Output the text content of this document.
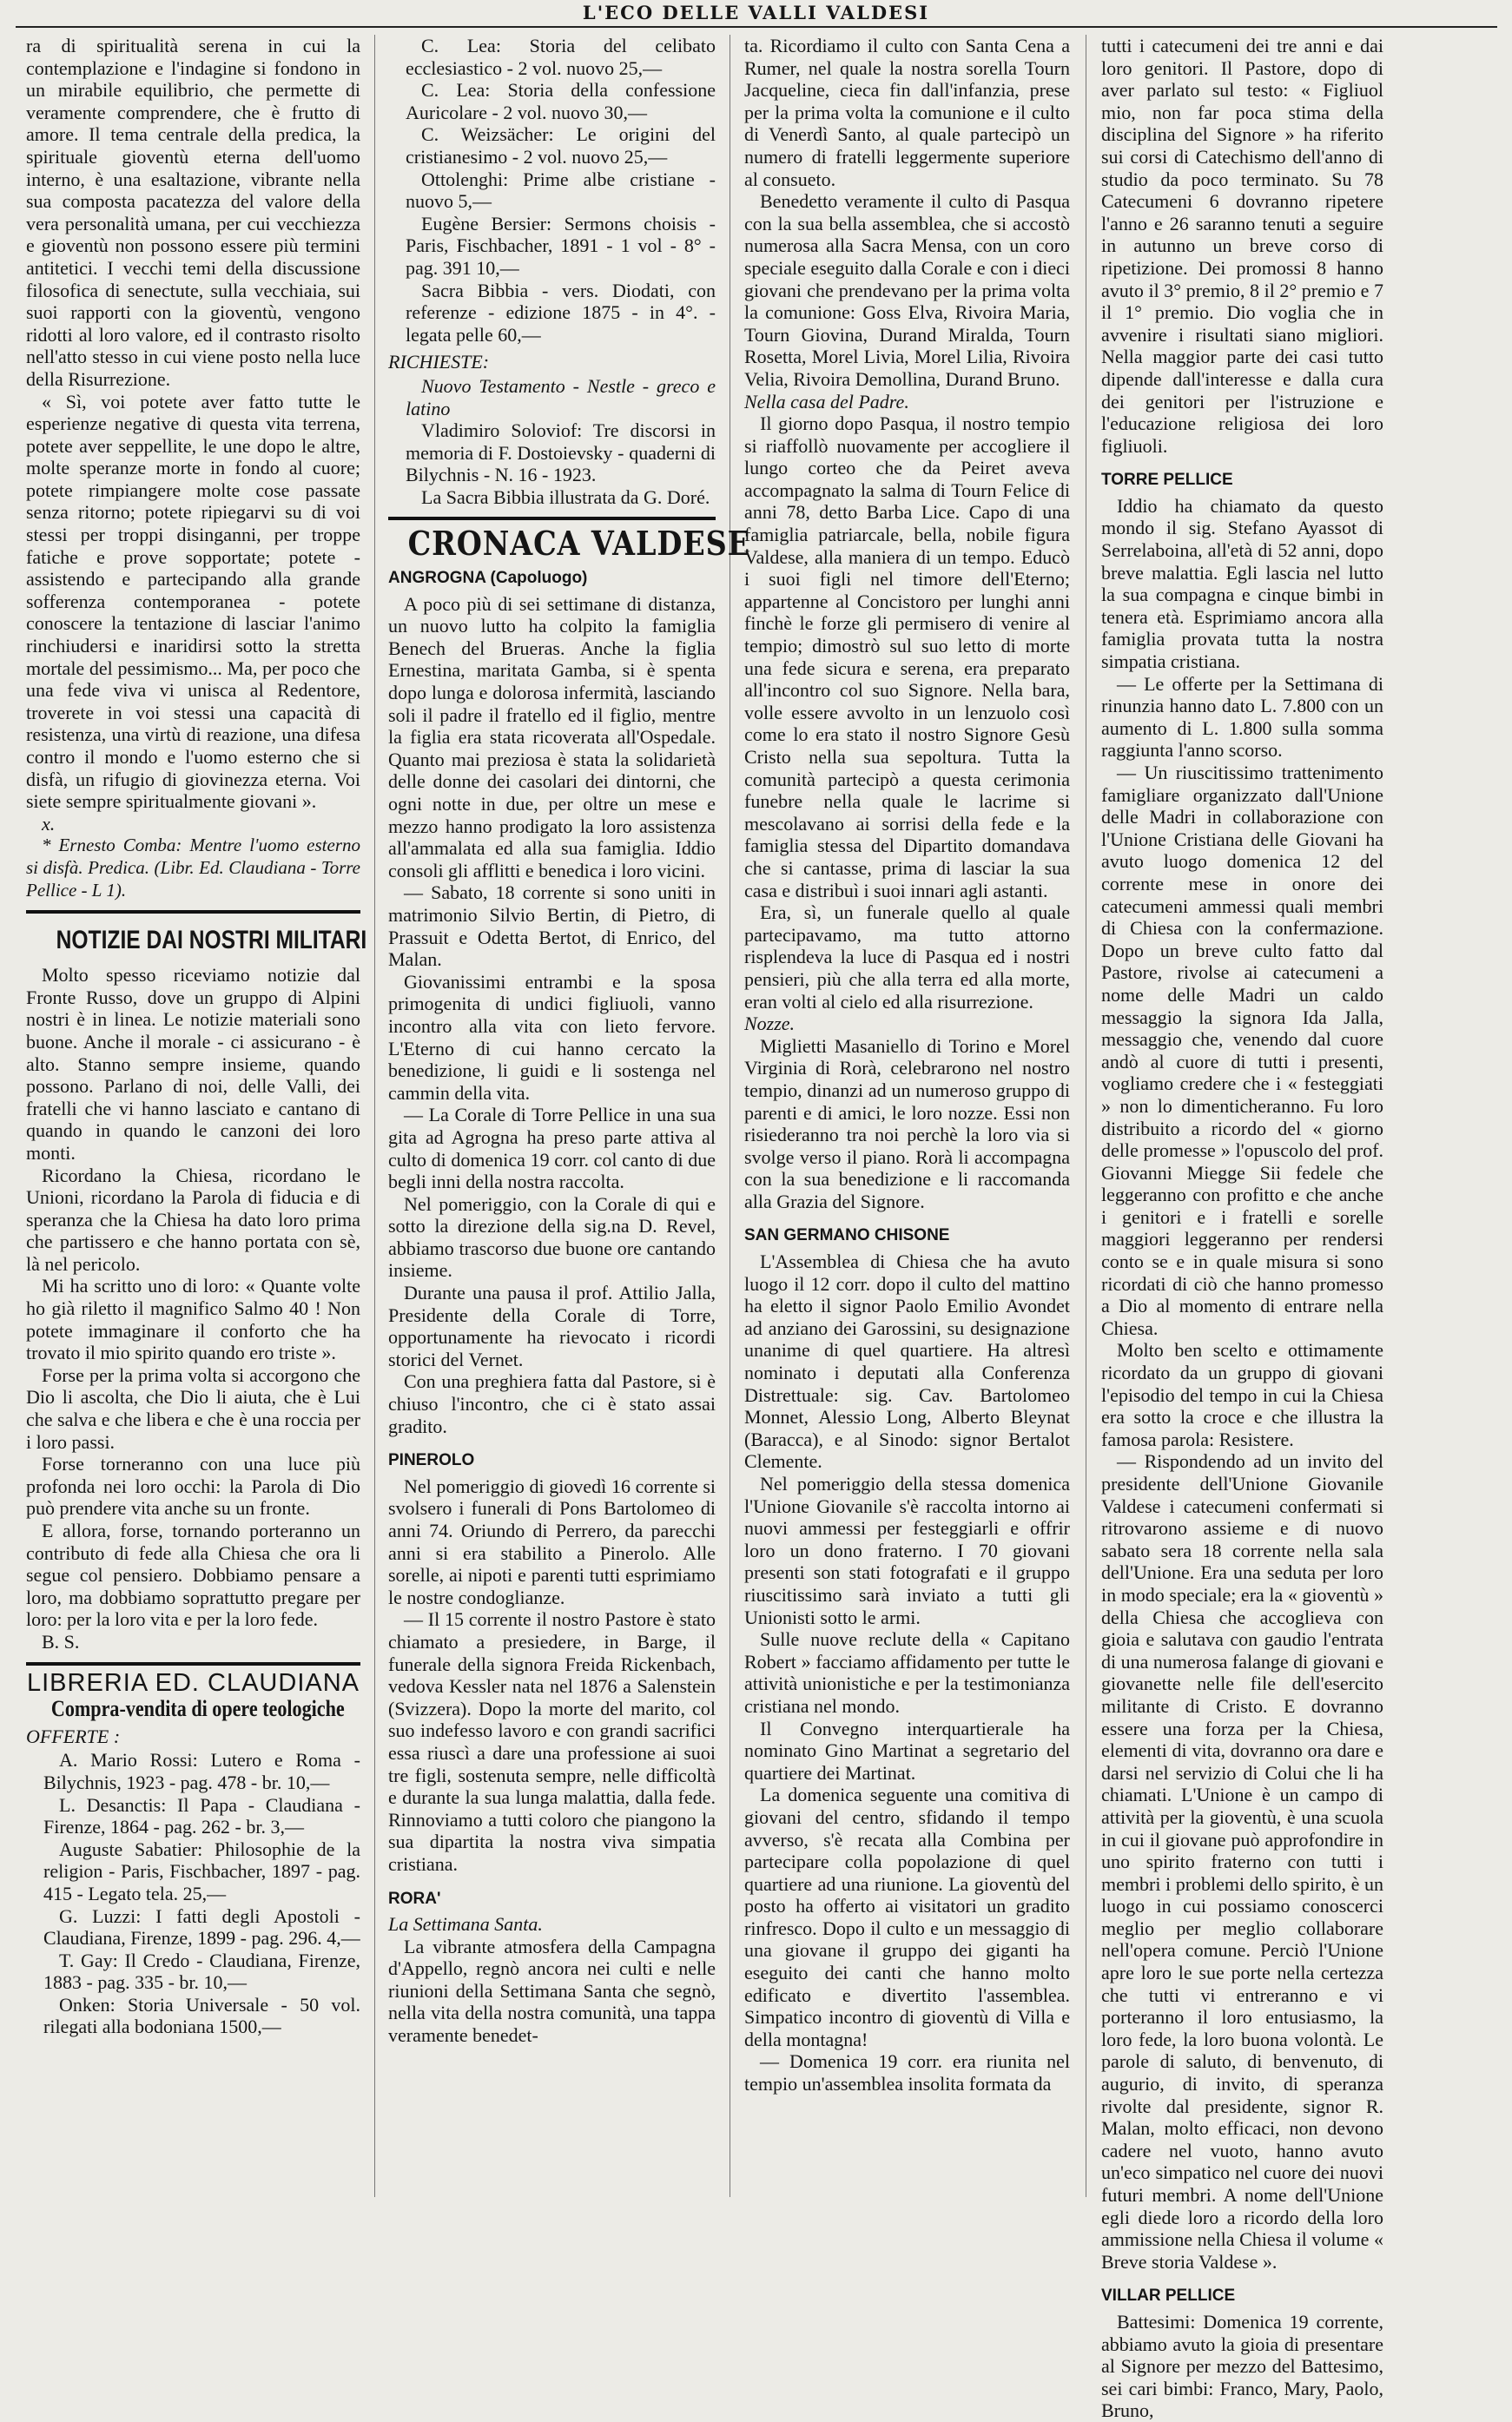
L'ECO DELLE VALLI VALDESI

ra di spiritualità serena in cui la contemplazione e l'indagine si fondono in un mirabile equilibrio, che permette di veramente comprendere, che è frutto di amore. Il tema centrale della predica, la spirituale gioventù eterna dell'uomo interno, è una esaltazione, vibrante nella sua composta pacatezza del valore della vera personalità umana, per cui vecchiezza e gioventù non possono essere più termini antitetici. I vecchi temi della discussione filosofica di senectute, sulla vecchiaia, sui suoi rapporti con la gioventù, vengono ridotti al loro valore, ed il contrasto risolto nell'atto stesso in cui viene posto nella luce della Risurrezione.

« Sì, voi potete aver fatto tutte le esperienze negative di questa vita terrena, potete aver seppellite, le une dopo le altre, molte speranze morte in fondo al cuore; potete rimpiangere molte cose passate senza ritorno; potete ripiegarvi su di voi stessi per troppi disinganni, per troppe fatiche e prove sopportate; potete - assistendo e partecipando alla grande sofferenza contemporanea - potete conoscere la tentazione di lasciar l'animo rinchiudersi e inaridirsi sotto la stretta mortale del pessimismo... Ma, per poco che una fede viva vi unisca al Redentore, troverete in voi stessi una capacità di resistenza, una virtù di reazione, una difesa contro il mondo e l'uomo esterno che si disfà, un rifugio di giovinezza eterna. Voi siete sempre spiritualmente giovani ».

x.

* Ernesto Comba: Mentre l'uomo esterno si disfà. Predica. (Libr. Ed. Claudiana - Torre Pellice - L 1).

NOTIZIE DAI NOSTRI MILITARI

Molto spesso riceviamo notizie dal Fronte Russo, dove un gruppo di Alpini nostri è in linea. Le notizie materiali sono buone. Anche il morale - ci assicurano - è alto. Stanno sempre insieme, quando possono. Parlano di noi, delle Valli, dei fratelli che vi hanno lasciato e cantano di quando in quando le canzoni dei loro monti.

Ricordano la Chiesa, ricordano le Unioni, ricordano la Parola di fiducia e di speranza che la Chiesa ha dato loro prima che partissero e che hanno portata con sè, là nel pericolo.

Mi ha scritto uno di loro: « Quante volte ho già riletto il magnifico Salmo 40 ! Non potete immaginare il conforto che ha trovato il mio spirito quando ero triste ».

Forse per la prima volta si accorgono che Dio li ascolta, che Dio li aiuta, che è Lui che salva e che libera e che è una roccia per i loro passi.

Forse torneranno con una luce più profonda nei loro occhi: la Parola di Dio può prendere vita anche su un fronte.

E allora, forse, tornando porteranno un contributo di fede alla Chiesa che ora li segue col pensiero. Dobbiamo pensare a loro, ma dobbiamo soprattutto pregare per loro: per la loro vita e per la loro fede.

B. S.

LIBRERIA ED. CLAUDIANA
Compra-vendita di opere teologiche
OFFERTE :

A. Mario Rossi: Lutero e Roma - Bilychnis, 1923 - pag. 478 - br. 10,—

L. Desanctis: Il Papa - Claudiana - Firenze, 1864 - pag. 262 - br. 3,—

Auguste Sabatier: Philosophie de la religion - Paris, Fischbacher, 1897 - pag. 415 - Legato tela. 25,—

G. Luzzi: I fatti degli Apostoli - Claudiana, Firenze, 1899 - pag. 296. 4,—

T. Gay: Il Credo - Claudiana, Firenze, 1883 - pag. 335 - br. 10,—

Onken: Storia Universale - 50 vol. rilegati alla bodoniana 1500,—

C. Lea: Storia del celibato ecclesiastico - 2 vol. nuovo 25,—

C. Lea: Storia della confessione Auricolare - 2 vol. nuovo 30,—

C. Weizsächer: Le origini del cristianesimo - 2 vol. nuovo 25,—

Ottolenghi: Prime albe cristiane - nuovo 5,—

Eugène Bersier: Sermons choisis - Paris, Fischbacher, 1891 - 1 vol - 8° - pag. 391 10,—

Sacra Bibbia - vers. Diodati, con referenze - edizione 1875 - in 4°. - legata pelle 60,—

RICHIESTE:

Nuovo Testamento - Nestle - greco e latino

Vladimiro Soloviof: Tre discorsi in memoria di F. Dostoievsky - quaderni di Bilychnis - N. 16 - 1923.

La Sacra Bibbia illustrata da G. Doré.

CRONACA VALDESE
ANGROGNA (Capoluogo)

A poco più di sei settimane di distanza, un nuovo lutto ha colpito la famiglia Benech del Brueras. Anche la figlia Ernestina, maritata Gamba, si è spenta dopo lunga e dolorosa infermità, lasciando soli il padre il fratello ed il figlio, mentre la figlia era stata ricoverata all'Ospedale. Quanto mai preziosa è stata la solidarietà delle donne dei casolari dei dintorni, che ogni notte in due, per oltre un mese e mezzo hanno prodigato la loro assistenza all'ammalata ed alla sua famiglia. Iddio consoli gli afflitti e benedica i loro vicini.

— Sabato, 18 corrente si sono uniti in matrimonio Silvio Bertin, di Pietro, di Prassuit e Odetta Bertot, di Enrico, del Malan.

Giovanissimi entrambi e la sposa primogenita di undici figliuoli, vanno incontro alla vita con lieto fervore. L'Eterno di cui hanno cercato la benedizione, li guidi e li sostenga nel cammin della vita.

— La Corale di Torre Pellice in una sua gita ad Agrogna ha preso parte attiva al culto di domenica 19 corr. col canto di due begli inni della nostra raccolta.

Nel pomeriggio, con la Corale di qui e sotto la direzione della sig.na D. Revel, abbiamo trascorso due buone ore cantando insieme.

Durante una pausa il prof. Attilio Jalla, Presidente della Corale di Torre, opportunamente ha rievocato i ricordi storici del Vernet.

Con una preghiera fatta dal Pastore, si è chiuso l'incontro, che ci è stato assai gradito.

PINEROLO

Nel pomeriggio di giovedì 16 corrente si svolsero i funerali di Pons Bartolomeo di anni 74. Oriundo di Perrero, da parecchi anni si era stabilito a Pinerolo. Alle sorelle, ai nipoti e parenti tutti esprimiamo le nostre condoglianze.

— Il 15 corrente il nostro Pastore è stato chiamato a presiedere, in Barge, il funerale della signora Freida Rickenbach, vedova Kessler nata nel 1876 a Salenstein (Svizzera). Dopo la morte del marito, col suo indefesso lavoro e con grandi sacrifici essa riuscì a dare una professione ai suoi tre figli, sostenuta sempre, nelle difficoltà e durante la sua lunga malattia, dalla fede. Rinnoviamo a tutti coloro che piangono la sua dipartita la nostra viva simpatia cristiana.

RORA'

La Settimana Santa.

La vibrante atmosfera della Campagna d'Appello, regnò ancora nei culti e nelle riunioni della Settimana Santa che segnò, nella vita della nostra comunità, una tappa veramente benedet-

ta. Ricordiamo il culto con Santa Cena a Rumer, nel quale la nostra sorella Tourn Jacqueline, cieca fin dall'infanzia, prese per la prima volta la comunione e il culto di Venerdì Santo, al quale partecipò un numero di fratelli leggermente superiore al consueto.

Benedetto veramente il culto di Pasqua con la sua bella assemblea, che si accostò numerosa alla Sacra Mensa, con un coro speciale eseguito dalla Corale e con i dieci giovani che prendevano per la prima volta la comunione: Goss Elva, Rivoira Maria, Tourn Giovina, Durand Miralda, Tourn Rosetta, Morel Livia, Morel Lilia, Rivoira Velia, Rivoira Demollina, Durand Bruno.

Nella casa del Padre.

Il giorno dopo Pasqua, il nostro tempio si riaffollò nuovamente per accogliere il lungo corteo che da Peiret aveva accompagnato la salma di Tourn Felice di anni 78, detto Barba Lice. Capo di una famiglia patriarcale, bella, nobile figura Valdese, alla maniera di un tempo. Educò i suoi figli nel timore dell'Eterno; appartenne al Concistoro per lunghi anni finchè le forze gli permisero di venire al tempio; dimostrò sul suo letto di morte una fede sicura e serena, era preparato all'incontro col suo Signore. Nella bara, volle essere avvolto in un lenzuolo così come lo era stato il nostro Signore Gesù Cristo nella sua sepoltura. Tutta la comunità partecipò a questa cerimonia funebre nella quale le lacrime si mescolavano ai sorrisi della fede e la famiglia stessa del Dipartito domandava che si cantasse, prima di lasciar la sua casa e distribuì i suoi innari agli astanti.

Era, sì, un funerale quello al quale partecipavamo, ma tutto attorno risplendeva la luce di Pasqua ed i nostri pensieri, più che alla terra ed alla morte, eran volti al cielo ed alla risurrezione.

Nozze.

Miglietti Masaniello di Torino e Morel Virginia di Rorà, celebrarono nel nostro tempio, dinanzi ad un numeroso gruppo di parenti e di amici, le loro nozze. Essi non risiederanno tra noi perchè la loro via si svolge verso il piano. Rorà li accompagna con la sua benedizione e li raccomanda alla Grazia del Signore.

SAN GERMANO CHISONE

L'Assemblea di Chiesa che ha avuto luogo il 12 corr. dopo il culto del mattino ha eletto il signor Paolo Emilio Avondet ad anziano dei Garossini, su designazione unanime di quel quartiere. Ha altresì nominato i deputati alla Conferenza Distrettuale: sig. Cav. Bartolomeo Monnet, Alessio Long, Alberto Bleynat (Baracca), e al Sinodo: signor Bertalot Clemente.

Nel pomeriggio della stessa domenica l'Unione Giovanile s'è raccolta intorno ai nuovi ammessi per festeggiarli e offrir loro un dono fraterno. I 70 giovani presenti son stati fotografati e il gruppo riuscitissimo sarà inviato a tutti gli Unionisti sotto le armi.

Sulle nuove reclute della « Capitano Robert » facciamo affidamento per tutte le attività unionistiche e per la testimonianza cristiana nel mondo.

Il Convegno interquartierale ha nominato Gino Martinat a segretario del quartiere dei Martinat.

La domenica seguente una comitiva di giovani del centro, sfidando il tempo avverso, s'è recata alla Combina per partecipare colla popolazione di quel quartiere ad una riunione. La gioventù del posto ha offerto ai visitatori un gradito rinfresco. Dopo il culto e un messaggio di una giovane il gruppo dei giganti ha eseguito dei canti che hanno molto edificato e divertito l'assemblea. Simpatico incontro di gioventù di Villa e della montagna!

— Domenica 19 corr. era riunita nel tempio un'assemblea insolita formata da

tutti i catecumeni dei tre anni e dai loro genitori. Il Pastore, dopo di aver parlato sul testo: « Figliuol mio, non far poca stima della disciplina del Signore » ha riferito sui corsi di Catechismo dell'anno di studio da poco terminato. Su 78 Catecumeni 6 dovranno ripetere l'anno e 26 saranno tenuti a seguire in autunno un breve corso di ripetizione. Dei promossi 8 hanno avuto il 3° premio, 8 il 2° premio e 7 il 1° premio. Dio voglia che in avvenire i risultati siano migliori. Nella maggior parte dei casi tutto dipende dall'interesse e dalla cura dei genitori per l'istruzione e l'educazione religiosa dei loro figliuoli.

TORRE PELLICE

Iddio ha chiamato da questo mondo il sig. Stefano Ayassot di Serrelaboina, all'età di 52 anni, dopo breve malattia. Egli lascia nel lutto la sua compagna e cinque bimbi in tenera età. Esprimiamo ancora alla famiglia provata tutta la nostra simpatia cristiana.

— Le offerte per la Settimana di rinunzia hanno dato L. 7.800 con un aumento di L. 1.800 sulla somma raggiunta l'anno scorso.

— Un riuscitissimo trattenimento famigliare organizzato dall'Unione delle Madri in collaborazione con l'Unione Cristiana delle Giovani ha avuto luogo domenica 12 del corrente mese in onore dei catecumeni ammessi quali membri di Chiesa con la confermazione. Dopo un breve culto fatto dal Pastore, rivolse ai catecumeni a nome delle Madri un caldo messaggio la signora Ida Jalla, messaggio che, venendo dal cuore andò al cuore di tutti i presenti, vogliamo credere che i « festeggiati » non lo dimenticheranno. Fu loro distribuito a ricordo del « giorno delle promesse » l'opuscolo del prof. Giovanni Miegge Sii fedele che leggeranno con profitto e che anche i genitori e i fratelli e sorelle maggiori leggeranno per rendersi conto se e in quale misura si sono ricordati di ciò che hanno promesso a Dio al momento di entrare nella Chiesa.

Molto ben scelto e ottimamente ricordato da un gruppo di giovani l'episodio del tempo in cui la Chiesa era sotto la croce e che illustra la famosa parola: Resistere.

— Rispondendo ad un invito del presidente dell'Unione Giovanile Valdese i catecumeni confermati si ritrovarono assieme e di nuovo sabato sera 18 corrente nella sala dell'Unione. Era una seduta per loro in modo speciale; era la « gioventù » della Chiesa che accoglieva con gioia e salutava con gaudio l'entrata di una numerosa falange di giovani e giovanette nelle file dell'esercito militante di Cristo. E dovranno essere una forza per la Chiesa, elementi di vita, dovranno ora dare e darsi nel servizio di Colui che li ha chiamati. L'Unione è un campo di attività per la gioventù, è una scuola in cui il giovane può approfondire in uno spirito fraterno con tutti i membri i problemi dello spirito, è un luogo in cui possiamo conoscerci meglio per meglio collaborare nell'opera comune. Perciò l'Unione apre loro le sue porte nella certezza che tutti vi entreranno e vi porteranno il loro entusiasmo, la loro fede, la loro buona volontà. Le parole di saluto, di benvenuto, di augurio, di invito, di speranza rivolte dal presidente, signor R. Malan, molto efficaci, non devono cadere nel vuoto, hanno avuto un'eco simpatico nel cuore dei nuovi futuri membri. A nome dell'Unione egli diede loro a ricordo della loro ammissione nella Chiesa il volume « Breve storia Valdese ».

VILLAR PELLICE

Battesimi: Domenica 19 corrente, abbiamo avuto la gioia di presentare al Signore per mezzo del Battesimo, sei cari bimbi: Franco, Mary, Paolo, Bruno,
